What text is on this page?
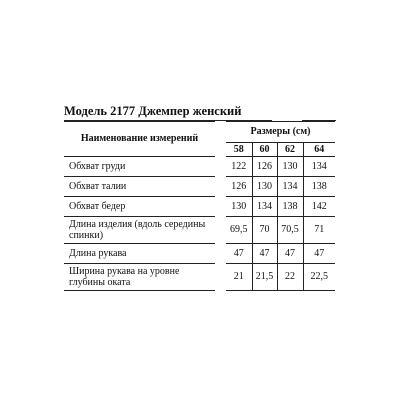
Модель 2177 Джемпер женский
Наименование измерений		Размеры (см)			
		58	60	62	64
Обхват груди		122	126	130	134
Обхват талии		126	130	134	138
Обхват бедер		130	134	138	142
Длина изделия (вдоль середины спинки)		69,5	70	70,5	71
Длина рукава		47	47	47	47
Ширина рукава на уровне глубины оката		21	21,5	22	22,5
